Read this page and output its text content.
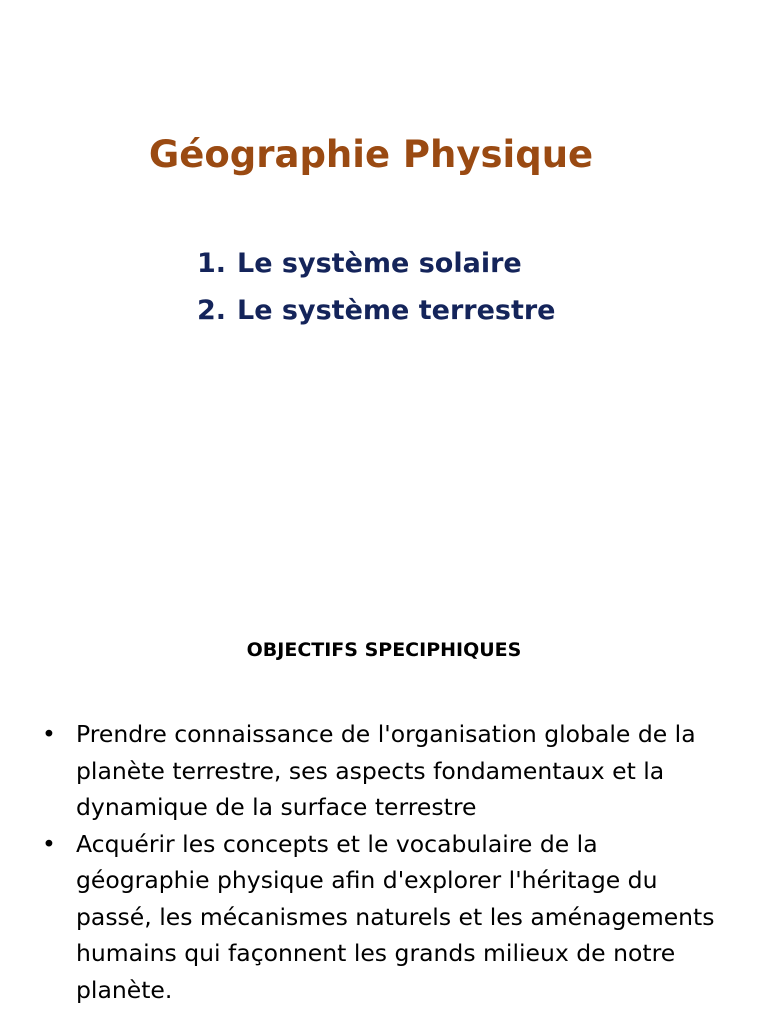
Géographie Physique
1. Le système solaire
2. Le système terrestre
OBJECTIFS SPECIPHIQUES
• Prendre connaissance de l'organisation globale de la planète terrestre, ses aspects fondamentaux et la dynamique de la surface terrestre
• Acquérir les concepts et le vocabulaire de la géographie physique afin d'explorer l'héritage du passé, les mécanismes naturels et les aménagements humains qui façonnent les grands milieux de notre planète.
